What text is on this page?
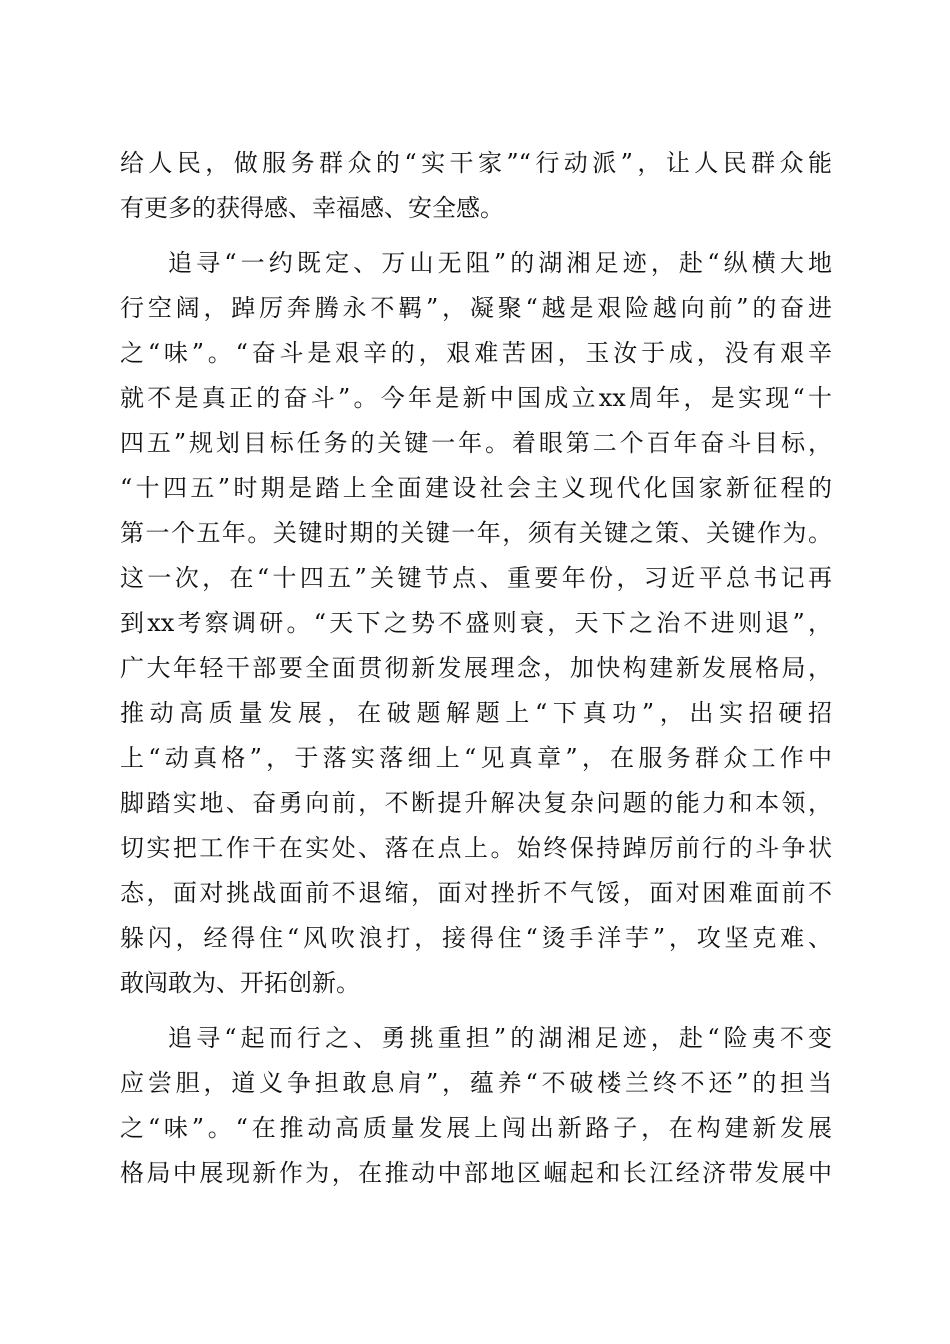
给人民，做服务群众的“实干家”“行动派”，让人民群众能
有更多的获得感、幸福感、安全感。
追寻“一约既定、万山无阻”的湖湘足迹，赴“纵横大地
行空阔，踔厉奔腾永不羁”，凝聚“越是艰险越向前”的奋进
之“味”。“奋斗是艰辛的，艰难苦困，玉汝于成，没有艰辛
就不是真正的奋斗”。今年是新中国成立xx周年，是实现“十
四五”规划目标任务的关键一年。着眼第二个百年奋斗目标，
“十四五”时期是踏上全面建设社会主义现代化国家新征程的
第一个五年。关键时期的关键一年，须有关键之策、关键作为。
这一次，在“十四五”关键节点、重要年份，习近平总书记再
到xx考察调研。“天下之势不盛则衰，天下之治不进则退”，
广大年轻干部要全面贯彻新发展理念，加快构建新发展格局，
推动高质量发展，在破题解题上“下真功”，出实招硬招
上“动真格”，于落实落细上“见真章”，在服务群众工作中
脚踏实地、奋勇向前，不断提升解决复杂问题的能力和本领，
切实把工作干在实处、落在点上。始终保持踔厉前行的斗争状
态，面对挑战面前不退缩，面对挫折不气馁，面对困难面前不
躲闪，经得住“风吹浪打，接得住“烫手洋芋”，攻坚克难、
敢闯敢为、开拓创新。
追寻“起而行之、勇挑重担”的湖湘足迹，赴“险夷不变
应尝胆，道义争担敢息肩”，蕴养“不破楼兰终不还”的担当
之“味”。“在推动高质量发展上闯出新路子，在构建新发展
格局中展现新作为，在推动中部地区崛起和长江经济带发展中
